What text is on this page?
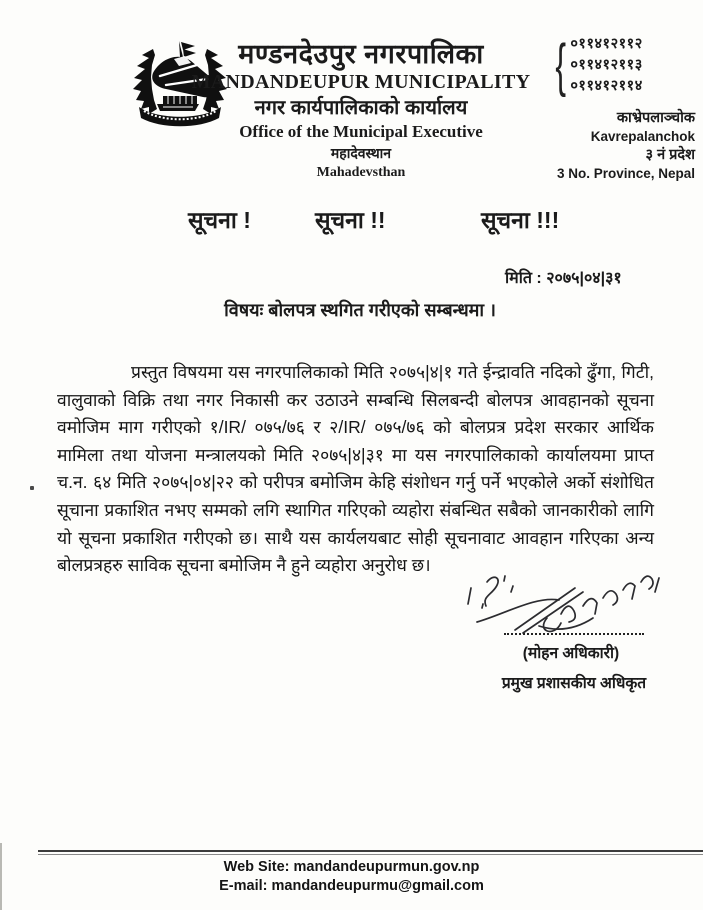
मण्डनदेउपुर नगरपालिका
MANDANDEUPUR MUNICIPALITY
नगर कार्यपालिकाको कार्यालय
Office of the Municipal Executive
महादेवस्थान
Mahadevsthan
{ ०११४१२११२
०११४१२११३
०११४१२११४
काभ्रेपलाञ्चोक
Kavrepalanchok
३ नं प्रदेश
3 No. Province, Nepal
सूचना !	सूचना !!	सूचना !!!
मिति : २०७५|०४|३१
विषयः बोलपत्र स्थगित गरीएको सम्बन्धमा ।
प्रस्तुत विषयमा यस नगरपालिकाको मिति २०७५|४|१ गते ईन्द्रावति नदिको ढुँगा, गिटी, वालुवाको विक्रि तथा नगर निकासी कर उठाउने सम्बन्धि सिलबन्दी बोलपत्र आवहानको सूचना वमोजिम माग गरीएको १/IR/ ०७५/७६ र २/IR/ ०७५/७६ को बोलप्रत्र प्रदेश सरकार आर्थिक मामिला तथा योजना मन्त्रालयको मिति २०७५|४|३१ मा यस नगरपालिकाको कार्यालयमा प्राप्त च.न. ६४ मिति २०७५|०४|२२ को परीपत्र बमोजिम केहि संशोधन गर्नु पर्ने भएकोले अर्को संशोधित सूचाना प्रकाशित नभए सम्मको लगि स्थागित गरिएको व्यहोरा संबन्धित सबैको जानकारीको लागि यो सूचना प्रकाशित गरीएको छ। साथै यस कार्यलयबाट सोही सूचनावाट आवहान गरिएका अन्य बोलप्रत्रहरु साविक सूचना बमोजिम नै हुने व्यहोरा अनुरोध छ।
(मोहन अधिकारी)
प्रमुख प्रशासकीय अधिकृत
Web Site: mandandeupurmun.gov.np
E-mail: mandandeupurmu@gmail.com
